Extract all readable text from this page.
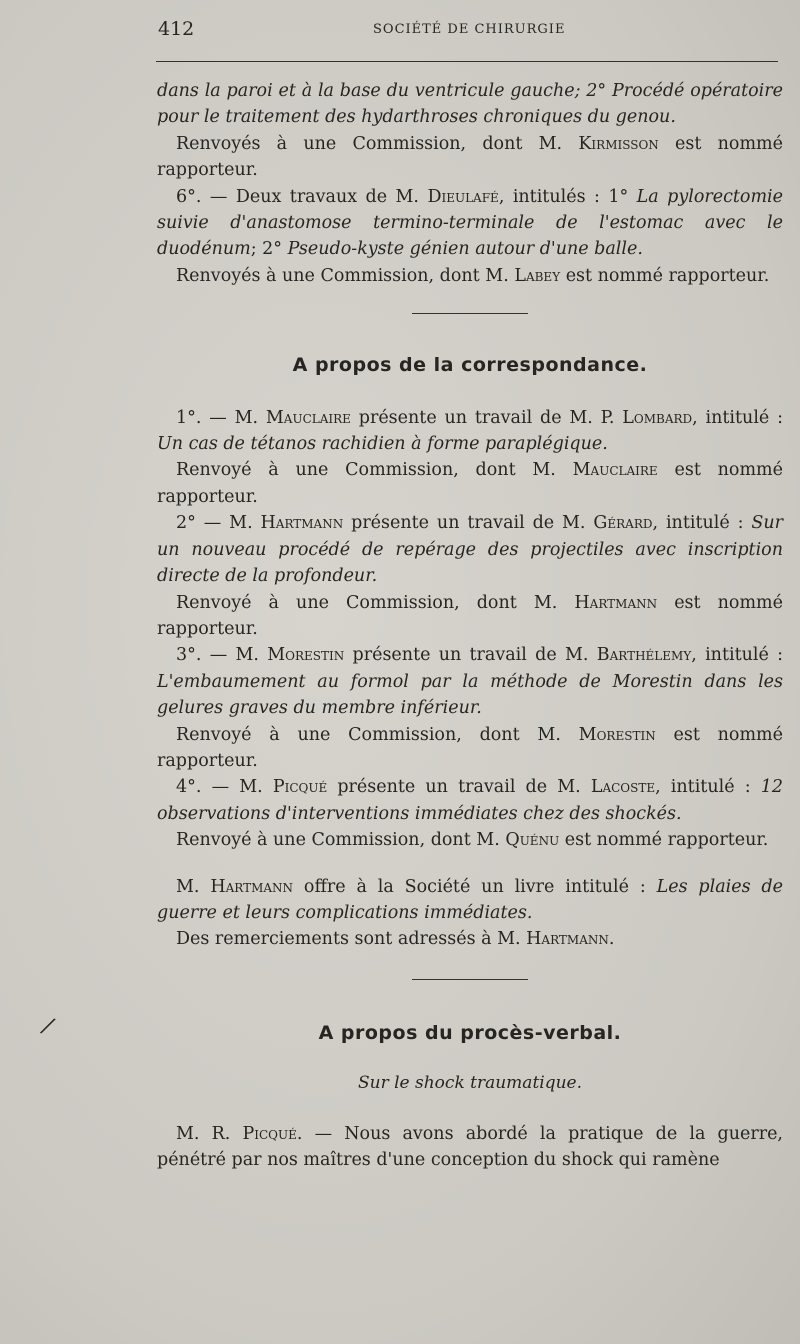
412	SOCIÉTÉ DE CHIRURGIE

dans la paroi et à la base du ventricule gauche; 2° Procédé opératoire pour le traitement des hydarthroses chroniques du genou.

Renvoyés à une Commission, dont M. Kirmisson est nommé rapporteur.

6°. — Deux travaux de M. Dieulafé, intitulés : 1° La pylorectomie suivie d'anastomose termino-terminale de l'estomac avec le duodénum; 2° Pseudo-kyste génien autour d'une balle.

Renvoyés à une Commission, dont M. Labey est nommé rapporteur.

A propos de la correspondance.

1°. — M. Mauclaire présente un travail de M. P. Lombard, intitulé : Un cas de tétanos rachidien à forme paraplégique.

Renvoyé à une Commission, dont M. Mauclaire est nommé rapporteur.

2° — M. Hartmann présente un travail de M. Gérard, intitulé : Sur un nouveau procédé de repérage des projectiles avec inscription directe de la profondeur.

Renvoyé à une Commission, dont M. Hartmann est nommé rapporteur.

3°. — M. Morestin présente un travail de M. Barthélemy, intitulé : L'embaumement au formol par la méthode de Morestin dans les gelures graves du membre inférieur.

Renvoyé à une Commission, dont M. Morestin est nommé rapporteur.

4°. — M. Picqué présente un travail de M. Lacoste, intitulé : 12 observations d'interventions immédiates chez des shockés.

Renvoyé à une Commission, dont M. Quénu est nommé rapporteur.

M. Hartmann offre à la Société un livre intitulé : Les plaies de guerre et leurs complications immédiates.

Des remerciements sont adressés à M. Hartmann.

A propos du procès-verbal.
Sur le shock traumatique.

M. R. Picqué. — Nous avons abordé la pratique de la guerre, pénétré par nos maîtres d'une conception du shock qui ramène

/
